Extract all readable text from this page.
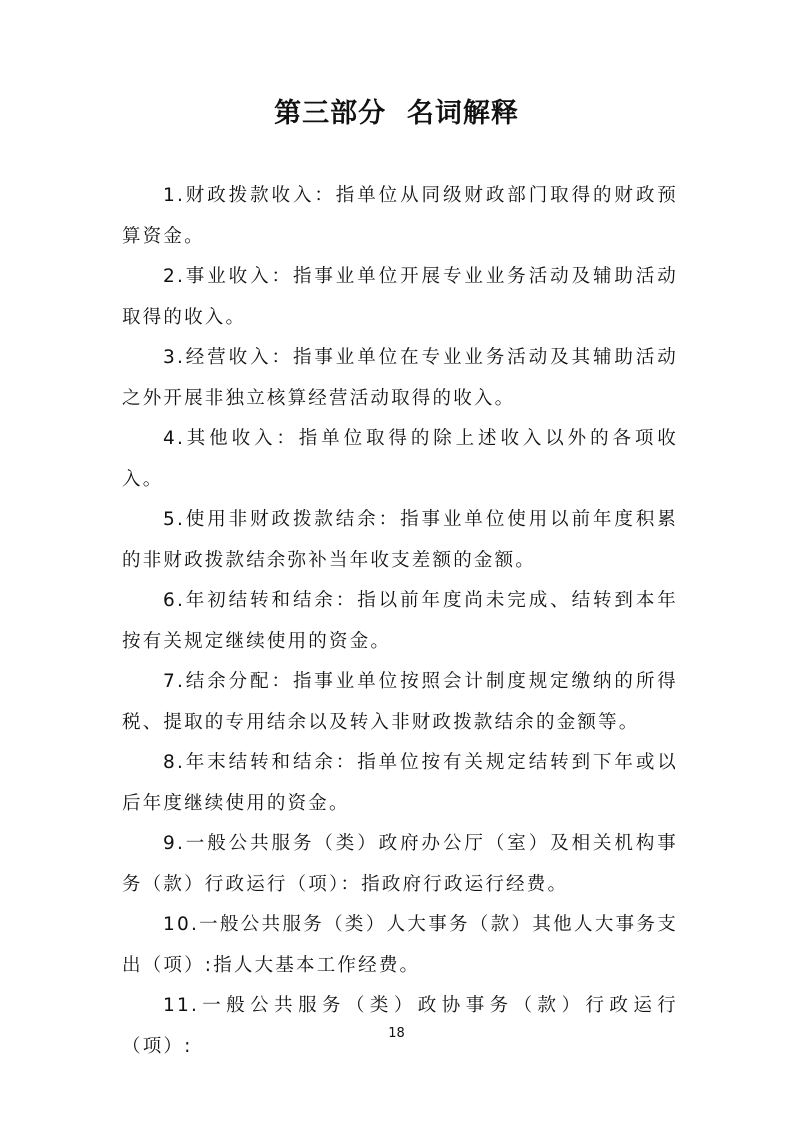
第三部分  名词解释

1.财政拨款收入：指单位从同级财政部门取得的财政预算资金。

2.事业收入：指事业单位开展专业业务活动及辅助活动取得的收入。

3.经营收入：指事业单位在专业业务活动及其辅助活动之外开展非独立核算经营活动取得的收入。

4.其他收入：指单位取得的除上述收入以外的各项收入。

5.使用非财政拨款结余：指事业单位使用以前年度积累的非财政拨款结余弥补当年收支差额的金额。

6.年初结转和结余：指以前年度尚未完成、结转到本年按有关规定继续使用的资金。

7.结余分配：指事业单位按照会计制度规定缴纳的所得税、提取的专用结余以及转入非财政拨款结余的金额等。

8.年末结转和结余：指单位按有关规定结转到下年或以后年度继续使用的资金。

9.一般公共服务（类）政府办公厅（室）及相关机构事务（款）行政运行（项）：指政府行政运行经费。

10.一般公共服务（类）人大事务（款）其他人大事务支出（项）:指人大基本工作经费。

11.一般公共服务（类）政协事务（款）行政运行（项）:

18
